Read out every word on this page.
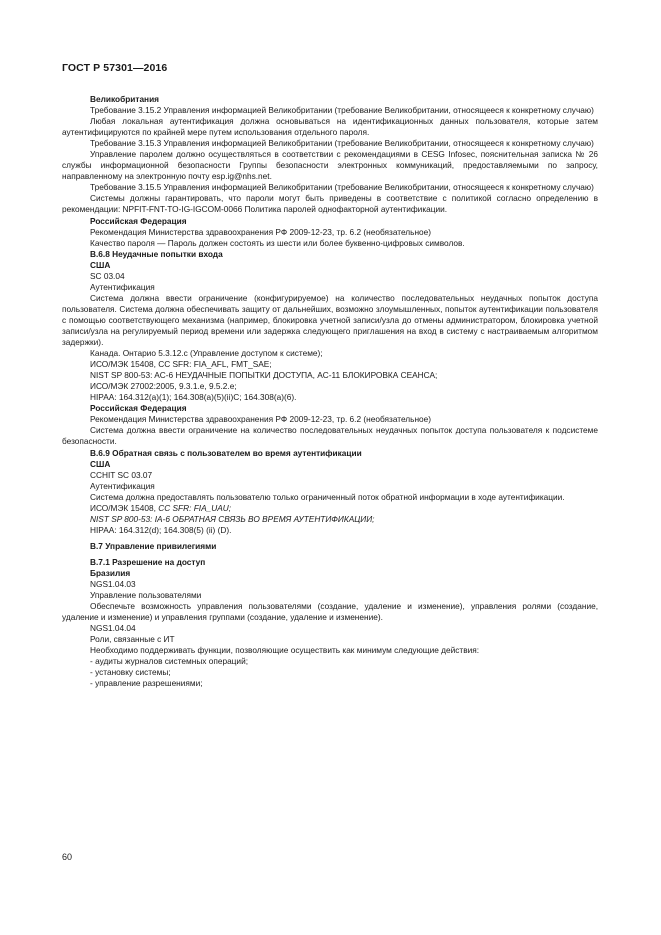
ГОСТ Р 57301—2016

Великобритания

Требование 3.15.2 Управления информацией Великобритании (требование Великобритании, относящееся к конкретному случаю)

Любая локальная аутентификация должна основываться на идентификационных данных пользователя, которые затем аутентифицируются по крайней мере путем использования отдельного пароля.

Требование 3.15.3 Управления информацией Великобритании (требование Великобритании, относящееся к конкретному случаю)

Управление паролем должно осуществляться в соответствии с рекомендациями в CESG Infosec, пояснительная записка № 26 службы информационной безопасности Группы безопасности электронных коммуникаций, предоставляемыми по запросу, направленному на электронную почту esp.ig@nhs.net.

Требование 3.15.5 Управления информацией Великобритании (требование Великобритании, относящееся к конкретному случаю)

Системы должны гарантировать, что пароли могут быть приведены в соответствие с политикой согласно определению в рекомендации: NPFIT-FNT-TO-IG-IGCOM-0066 Политика паролей однофакторной аутентификации.

Российская Федерация

Рекомендация Министерства здравоохранения РФ 2009-12-23, тр. 6.2 (необязательное)

Качество пароля — Пароль должен состоять из шести или более буквенно-цифровых символов.

В.6.8 Неудачные попытки входа

США

SC 03.04

Аутентификация

Система должна ввести ограничение (конфигурируемое) на количество последовательных неудачных попыток доступа пользователя. Система должна обеспечивать защиту от дальнейших, возможно злоумышленных, попыток аутентификации пользователя с помощью соответствующего механизма (например, блокировка учетной записи/узла до отмены администратором, блокировка учетной записи/узла на регулируемый период времени или задержка следующего приглашения на вход в систему с настраиваемым алгоритмом задержки).

Канада. Онтарио 5.3.12.с (Управление доступом к системе);

ИСО/МЭК 15408, CC SFR: FIA_AFL, FMT_SAE;

NIST SP 800-53: AC-6 НЕУДАЧНЫЕ ПОПЫТКИ ДОСТУПА, AC-11 БЛОКИРОВКА СЕАНСА;

ИСО/МЭК 27002:2005, 9.3.1.е, 9.5.2.е;

HIPAA: 164.312(a)(1); 164.308(a)(5)(ii)C; 164.308(a)(6).

Российская Федерация

Рекомендация Министерства здравоохранения РФ 2009-12-23, тр. 6.2 (необязательное)

Система должна ввести ограничение на количество последовательных неудачных попыток доступа пользователя к подсистеме безопасности.

В.6.9 Обратная связь с пользователем во время аутентификации

США

CCHIT SC 03.07

Аутентификация

Система должна предоставлять пользователю только ограниченный поток обратной информации в ходе аутентификации.

ИСО/МЭК 15408, CC SFR: FIA_UAU;

NIST SP 800-53: IA-6 ОБРАТНАЯ СВЯЗЬ ВО ВРЕМЯ АУТЕНТИФИКАЦИИ;

HIPAA: 164.312(d); 164.308(5) (ii) (D).

В.7 Управление привилегиями

В.7.1 Разрешение на доступ

Бразилия

NGS1.04.03

Управление пользователями

Обеспечьте возможность управления пользователями (создание, удаление и изменение), управления ролями (создание, удаление и изменение) и управления группами (создание, удаление и изменение).

NGS1.04.04

Роли, связанные с ИТ

Необходимо поддерживать функции, позволяющие осуществить как минимум следующие действия:

- аудиты журналов системных операций;

- установку системы;

- управление разрешениями;

60
